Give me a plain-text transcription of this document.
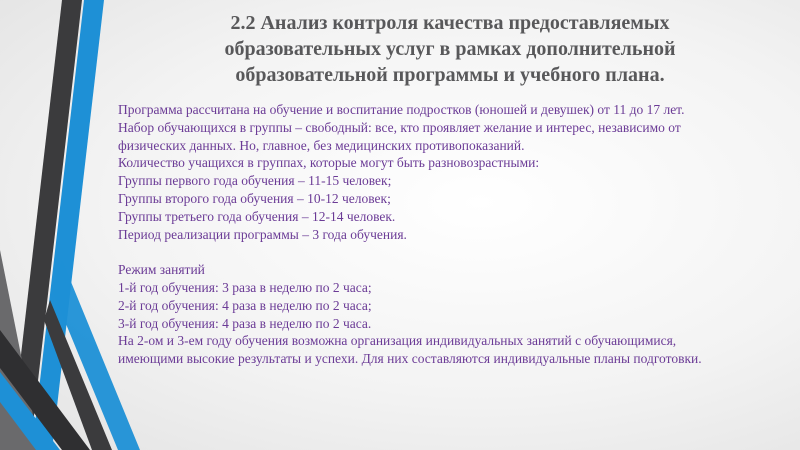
2.2 Анализ контроля качества предоставляемых образовательных услуг в рамках дополнительной образовательной программы и учебного плана.
Программа рассчитана на обучение и воспитание подростков (юношей и девушек) от 11 до 17 лет.
Набор обучающихся в группы – свободный: все, кто проявляет желание и интерес, независимо от
физических данных. Но, главное, без медицинских противопоказаний.
Количество учащихся в группах, которые могут быть разновозрастными:
Группы первого года обучения – 11-15 человек;
Группы второго года обучения – 10-12 человек;
Группы третьего года обучения – 12-14 человек.
Период реализации программы – 3 года обучения.
Режим занятий
1-й год обучения: 3 раза в неделю по 2 часа;
2-й год обучения: 4 раза в неделю по 2 часа;
3-й год обучения: 4 раза в неделю по 2 часа.
На 2-ом и 3-ем году обучения возможна организация индивидуальных занятий с обучающимися,
имеющими высокие результаты и успехи. Для них составляются индивидуальные планы подготовки.
